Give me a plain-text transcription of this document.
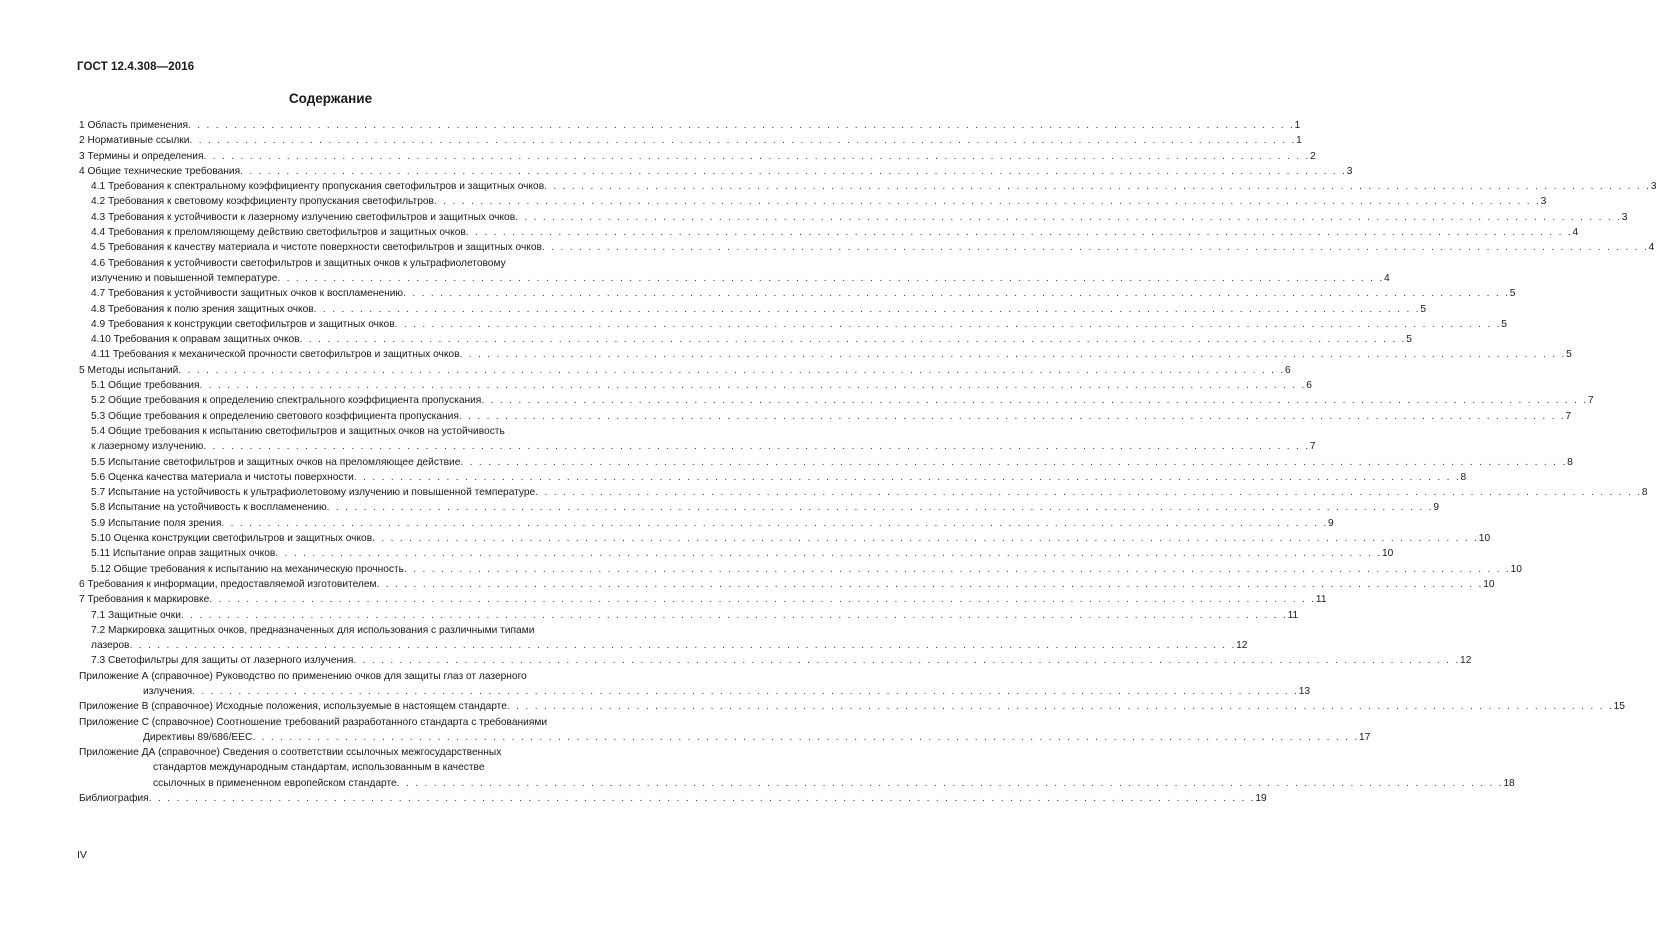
ГОСТ 12.4.308—2016
Содержание
1 Область применения . . . . . . . . . . . . . . . . . . . . . . . . . . . . . . . . . . . . . . . . . . . . . . . . . . . . . . . . . . . . . . . . . . . . . . . . . . . . . . . . . . . . . . . . . . . . . . . . . . . . . . . . . . . . . . . . . . . . . . . . 1
2 Нормативные ссылки . . . . . . . . . . . . . . . . . . . . . . . . . . . . . . . . . . . . . . . . . . . . . . . . . . . . . . . . . . . . . . . . . . . . . . . . . . . . . . . . . . . . . . . . . . . . . . . . . . . . . . . . . . . . . . . . . . . . . . . . 1
3 Термины и определения . . . . . . . . . . . . . . . . . . . . . . . . . . . . . . . . . . . . . . . . . . . . . . . . . . . . . . . . . . . . . . . . . . . . . . . . . . . . . . . . . . . . . . . . . . . . . . . . . . . . . . . . . . . . . . . . . . . . . . . . 2
4 Общие технические требования . . . . . . . . . . . . . . . . . . . . . . . . . . . . . . . . . . . . . . . . . . . . . . . . . . . . . . . . . . . . . . . . . . . . . . . . . . . . . . . . . . . . . . . . . . . . . . . . . . . . . . . . . . . . . . . . . . . . . . . . 3
4.1 Требования к спектральному коэффициенту пропускания светофильтров и защитных очков . . . . . . . . . . . . . . . . . . . . . . . . . . . . . . . . . . . . . . . . . . . . . . . . . . . . . . . . . . . . . . . . . . . . . . . . . . . . . . . . . . . . . . . . . . . . . . . . . . . . . . . . . . . . . . . . . . . . . . . . 3
4.2 Требования к световому коэффициенту пропускания светофильтров . . . . . . . . . . . . . . . . . . . . . . . . . . . . . . . . . . . . . . . . . . . . . . . . . . . . . . . . . . . . . . . . . . . . . . . . . . . . . . . . . . . . . . . . . . . . . . . . . . . . . . . . . . . . . . . . . . . . . . . . 3
4.3 Требования к устойчивости к лазерному излучению светофильтров и защитных очков . . . . . . . . . . . . . . . . . . . . . . . . . . . . . . . . . . . . . . . . . . . . . . . . . . . . . . . . . . . . . . . . . . . . . . . . . . . . . . . . . . . . . . . . . . . . . . . . . . . . . . . . . . . . . . . . . . . . . . . . 3
4.4 Требования к преломляющему действию светофильтров и защитных очков . . . . . . . . . . . . . . . . . . . . . . . . . . . . . . . . . . . . . . . . . . . . . . . . . . . . . . . . . . . . . . . . . . . . . . . . . . . . . . . . . . . . . . . . . . . . . . . . . . . . . . . . . . . . . . . . . . . . . . . . 4
4.5 Требования к качеству материала и чистоте поверхности светофильтров и защитных очков . . . . . . . . . . . . . . . . . . . . . . . . . . . . . . . . . . . . . . . . . . . . . . . . . . . . . . . . . . . . . . . . . . . . . . . . . . . . . . . . . . . . . . . . . . . . . . . . . . . . . . . . . . . . . . . . . . . . . . . . 4
4.6 Требования к устойчивости светофильтров и защитных очков к ультрафиолетовому
излучению и повышенной температуре . . . . . . . . . . . . . . . . . . . . . . . . . . . . . . . . . . . . . . . . . . . . . . . . . . . . . . . . . . . . . . . . . . . . . . . . . . . . . . . . . . . . . . . . . . . . . . . . . . . . . . . . . . . . . . . . . . . . . . . . 4
4.7 Требования к устойчивости защитных очков к воспламенению . . . . . . . . . . . . . . . . . . . . . . . . . . . . . . . . . . . . . . . . . . . . . . . . . . . . . . . . . . . . . . . . . . . . . . . . . . . . . . . . . . . . . . . . . . . . . . . . . . . . . . . . . . . . . . . . . . . . . . . . 5
4.8 Требования к полю зрения защитных очков . . . . . . . . . . . . . . . . . . . . . . . . . . . . . . . . . . . . . . . . . . . . . . . . . . . . . . . . . . . . . . . . . . . . . . . . . . . . . . . . . . . . . . . . . . . . . . . . . . . . . . . . . . . . . . . . . . . . . . . . 5
4.9 Требования к конструкции светофильтров и защитных очков . . . . . . . . . . . . . . . . . . . . . . . . . . . . . . . . . . . . . . . . . . . . . . . . . . . . . . . . . . . . . . . . . . . . . . . . . . . . . . . . . . . . . . . . . . . . . . . . . . . . . . . . . . . . . . . . . . . . . . . . 5
4.10 Требования к оправам защитных очков . . . . . . . . . . . . . . . . . . . . . . . . . . . . . . . . . . . . . . . . . . . . . . . . . . . . . . . . . . . . . . . . . . . . . . . . . . . . . . . . . . . . . . . . . . . . . . . . . . . . . . . . . . . . . . . . . . . . . . . . 5
4.11 Требования к механической прочности светофильтров и защитных очков . . . . . . . . . . . . . . . . . . . . . . . . . . . . . . . . . . . . . . . . . . . . . . . . . . . . . . . . . . . . . . . . . . . . . . . . . . . . . . . . . . . . . . . . . . . . . . . . . . . . . . . . . . . . . . . . . . . . . . . . 5
5 Методы испытаний . . . . . . . . . . . . . . . . . . . . . . . . . . . . . . . . . . . . . . . . . . . . . . . . . . . . . . . . . . . . . . . . . . . . . . . . . . . . . . . . . . . . . . . . . . . . . . . . . . . . . . . . . . . . . . . . . . . . . . . . 6
5.1 Общие требования . . . . . . . . . . . . . . . . . . . . . . . . . . . . . . . . . . . . . . . . . . . . . . . . . . . . . . . . . . . . . . . . . . . . . . . . . . . . . . . . . . . . . . . . . . . . . . . . . . . . . . . . . . . . . . . . . . . . . . . . 6
5.2 Общие требования к определению спектрального коэффициента пропускания . . . . . . . . . . . . . . . . . . . . . . . . . . . . . . . . . . . . . . . . . . . . . . . . . . . . . . . . . . . . . . . . . . . . . . . . . . . . . . . . . . . . . . . . . . . . . . . . . . . . . . . . . . . . . . . . . . . . . . . . 7
5.3 Общие требования к определению светового коэффициента пропускания . . . . . . . . . . . . . . . . . . . . . . . . . . . . . . . . . . . . . . . . . . . . . . . . . . . . . . . . . . . . . . . . . . . . . . . . . . . . . . . . . . . . . . . . . . . . . . . . . . . . . . . . . . . . . . . . . . . . . . . . 7
5.4 Общие требования к испытанию светофильтров и защитных очков на устойчивость
к лазерному излучению . . . . . . . . . . . . . . . . . . . . . . . . . . . . . . . . . . . . . . . . . . . . . . . . . . . . . . . . . . . . . . . . . . . . . . . . . . . . . . . . . . . . . . . . . . . . . . . . . . . . . . . . . . . . . . . . . . . . . . . . 7
5.5 Испытание светофильтров и защитных очков на преломляющее действие . . . . . . . . . . . . . . . . . . . . . . . . . . . . . . . . . . . . . . . . . . . . . . . . . . . . . . . . . . . . . . . . . . . . . . . . . . . . . . . . . . . . . . . . . . . . . . . . . . . . . . . . . . . . . . . . . . . . . . . . 8
5.6 Оценка качества материала и чистоты поверхности . . . . . . . . . . . . . . . . . . . . . . . . . . . . . . . . . . . . . . . . . . . . . . . . . . . . . . . . . . . . . . . . . . . . . . . . . . . . . . . . . . . . . . . . . . . . . . . . . . . . . . . . . . . . . . . . . . . . . . . . 8
5.7 Испытание на устойчивость к ультрафиолетовому излучению и повышенной температуре . . . . . . . . . . . . . . . . . . . . . . . . . . . . . . . . . . . . . . . . . . . . . . . . . . . . . . . . . . . . . . . . . . . . . . . . . . . . . . . . . . . . . . . . . . . . . . . . . . . . . . . . . . . . . . . . . . . . . . . . 8
5.8 Испытание на устойчивость к воспламенению . . . . . . . . . . . . . . . . . . . . . . . . . . . . . . . . . . . . . . . . . . . . . . . . . . . . . . . . . . . . . . . . . . . . . . . . . . . . . . . . . . . . . . . . . . . . . . . . . . . . . . . . . . . . . . . . . . . . . . . . 9
5.9 Испытание поля зрения . . . . . . . . . . . . . . . . . . . . . . . . . . . . . . . . . . . . . . . . . . . . . . . . . . . . . . . . . . . . . . . . . . . . . . . . . . . . . . . . . . . . . . . . . . . . . . . . . . . . . . . . . . . . . . . . . . . . . . . . 9
5.10 Оценка конструкции светофильтров и защитных очков . . . . . . . . . . . . . . . . . . . . . . . . . . . . . . . . . . . . . . . . . . . . . . . . . . . . . . . . . . . . . . . . . . . . . . . . . . . . . . . . . . . . . . . . . . . . . . . . . . . . . . . . . . . . . . . . . . . . . . . . 10
5.11 Испытание оправ защитных очков . . . . . . . . . . . . . . . . . . . . . . . . . . . . . . . . . . . . . . . . . . . . . . . . . . . . . . . . . . . . . . . . . . . . . . . . . . . . . . . . . . . . . . . . . . . . . . . . . . . . . . . . . . . . . . . . . . . . . . . . 10
5.12 Общие требования к испытанию на механическую прочность . . . . . . . . . . . . . . . . . . . . . . . . . . . . . . . . . . . . . . . . . . . . . . . . . . . . . . . . . . . . . . . . . . . . . . . . . . . . . . . . . . . . . . . . . . . . . . . . . . . . . . . . . . . . . . . . . . . . . . . . 10
6 Требования к информации, предоставляемой изготовителем . . . . . . . . . . . . . . . . . . . . . . . . . . . . . . . . . . . . . . . . . . . . . . . . . . . . . . . . . . . . . . . . . . . . . . . . . . . . . . . . . . . . . . . . . . . . . . . . . . . . . . . . . . . . . . . . . . . . . . . . 10
7 Требования к маркировке . . . . . . . . . . . . . . . . . . . . . . . . . . . . . . . . . . . . . . . . . . . . . . . . . . . . . . . . . . . . . . . . . . . . . . . . . . . . . . . . . . . . . . . . . . . . . . . . . . . . . . . . . . . . . . . . . . . . . . . . 11
7.1 Защитные очки . . . . . . . . . . . . . . . . . . . . . . . . . . . . . . . . . . . . . . . . . . . . . . . . . . . . . . . . . . . . . . . . . . . . . . . . . . . . . . . . . . . . . . . . . . . . . . . . . . . . . . . . . . . . . . . . . . . . . . . . 11
7.2 Маркировка защитных очков, предназначенных для использования с различными типами
лазеров . . . . . . . . . . . . . . . . . . . . . . . . . . . . . . . . . . . . . . . . . . . . . . . . . . . . . . . . . . . . . . . . . . . . . . . . . . . . . . . . . . . . . . . . . . . . . . . . . . . . . . . . . . . . . . . . . . . . . . . . 12
7.3 Светофильтры для защиты от лазерного излучения . . . . . . . . . . . . . . . . . . . . . . . . . . . . . . . . . . . . . . . . . . . . . . . . . . . . . . . . . . . . . . . . . . . . . . . . . . . . . . . . . . . . . . . . . . . . . . . . . . . . . . . . . . . . . . . . . . . . . . . . 12
Приложение А (справочное) Руководство по применению очков для защиты глаз от лазерного
излучения . . . . . . . . . . . . . . . . . . . . . . . . . . . . . . . . . . . . . . . . . . . . . . . . . . . . . . . . . . . . . . . . . . . . . . . . . . . . . . . . . . . . . . . . . . . . . . . . . . . . . . . . . . . . . . . . . . . . . . . . 13
Приложение В (справочное) Исходные положения, используемые в настоящем стандарте . . . . . . . . . . . . . . . . . . . . . . . . . . . . . . . . . . . . . . . . . . . . . . . . . . . . . . . . . . . . . . . . . . . . . . . . . . . . . . . . . . . . . . . . . . . . . . . . . . . . . . . . . . . . . . . . . . . . . . . . 15
Приложение С (справочное) Соотношение требований разработанного стандарта с требованиями
Директивы 89/686/ЕЕС . . . . . . . . . . . . . . . . . . . . . . . . . . . . . . . . . . . . . . . . . . . . . . . . . . . . . . . . . . . . . . . . . . . . . . . . . . . . . . . . . . . . . . . . . . . . . . . . . . . . . . . . . . . . . . . . . . . . . . . . 17
Приложение ДА (справочное) Сведения о соответствии ссылочных межгосударственных
стандартов международным стандартам, использованным в качестве
ссылочных в примененном европейском стандарте . . . . . . . . . . . . . . . . . . . . . . . . . . . . . . . . . . . . . . . . . . . . . . . . . . . . . . . . . . . . . . . . . . . . . . . . . . . . . . . . . . . . . . . . . . . . . . . . . . . . . . . . . . . . . . . . . . . . . . . . 18
Библиография . . . . . . . . . . . . . . . . . . . . . . . . . . . . . . . . . . . . . . . . . . . . . . . . . . . . . . . . . . . . . . . . . . . . . . . . . . . . . . . . . . . . . . . . . . . . . . . . . . . . . . . . . . . . . . . . . . . . . . . . 19
IV
